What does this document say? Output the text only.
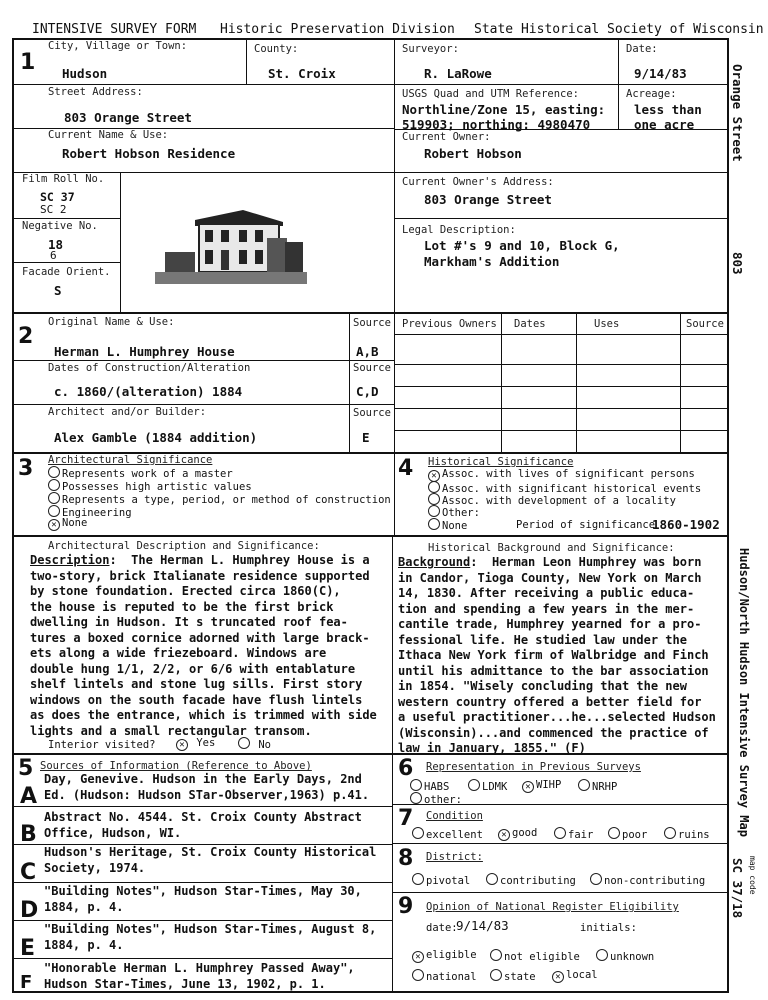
INTENSIVE SURVEY FORM Historic Preservation Division State Historical Society of Wisconsin
1
City, Village or Town:
Hudson
County:
St. Croix
Surveyor:
R. LaRowe
Date:
9/14/83
Street Address:
803 Orange Street
USGS Quad and UTM Reference:
Northline/Zone 15, easting:
519903; northing: 4980470
Acreage:
less than
one acre
Current Name & Use:
Robert Hobson Residence
Current Owner:
Robert Hobson
Film Roll No.
SC 37
SC 2
Current Owner's Address:
803 Orange Street
Negative No.
18
6
Legal Description:
Lot #'s 9 and 10, Block G,
Markham's Addition
Facade Orient.
S
2
Original Name & Use:	Source
Herman L. Humphrey House	A,B
Dates of Construction/Alteration	Source
c. 1860/(alteration) 1884	C,D
Architect and/or Builder:	Source
Alex Gamble (1884 addition)	E
Previous Owners Dates	Uses	Source
3 Architectural Significance
Represents work of a master
Possesses high artistic values
Represents a type, period, or method of construction
Engineering
✕ None
4 Historical Significance
✕ Assoc. with lives of significant persons
Assoc. with significant historical events
Assoc. with development of a locality
Other:
None	Period of significance
1860-1902
Architectural Description and Significance:
Description:  The Herman L. Humphrey House is a
two-story, brick Italianate residence supported
by stone foundation. Erected circa 1860(C),
the house is reputed to be the first brick
dwelling in Hudson. It s truncated roof fea-
tures a boxed cornice adorned with large brack-
ets along a wide friezeboard. Windows are
double hung 1/1, 2/2, or 6/6 with entablature
shelf lintels and stone lug sills. First story
windows on the south facade have flush lintels
as does the entrance, which is trimmed with side
lights and a small rectangular transom.
Interior visited?	✕ Yes	No
Historical Background and Significance:
Background:  Herman Leon Humphrey was born
in Candor, Tioga County, New York on March
14, 1830. After receiving a public educa-
tion and spending a few years in the mer-
cantile trade, Humphrey yearned for a pro-
fessional life. He studied law under the
Ithaca New York firm of Walbridge and Finch
until his admittance to the bar association
in 1854. "Wisely concluding that the new
western country offered a better field for
a useful practitioner...he...selected Hudson
(Wisconsin)...and commenced the practice of
law in January, 1855." (F)
5 Sources of Information (Reference to Above)
A
Day, Genevive. Hudson in the Early Days, 2nd
Ed. (Hudson: Hudson STar-Observer,1963) p.41.
B
Abstract No. 4544. St. Croix County Abstract
Office, Hudson, WI.
C
Hudson's Heritage, St. Croix County Historical
Society, 1974.
D
"Building Notes", Hudson Star-Times, May 30,
1884, p. 4.
E
"Building Notes", Hudson Star-Times, August 8,
1884, p. 4.
F
"Honorable Herman L. Humphrey Passed Away",
Hudson Star-Times, June 13, 1902, p. 1.
6 Representation in Previous Surveys
HABS	LDMK	✕ WIHP	NRHP
other:
7 Condition
excellent	✕ good	fair	poor	ruins
8 District:
pivotal	contributing	non-contributing
9 Opinion of National Register Eligibility
date:
9/14/83	initials:
✕ eligible	not eligible	unknown
national	state	✕ local
Orange Street
803
Hudson/North Hudson Intensive Survey Map
map code
SC 37/18
